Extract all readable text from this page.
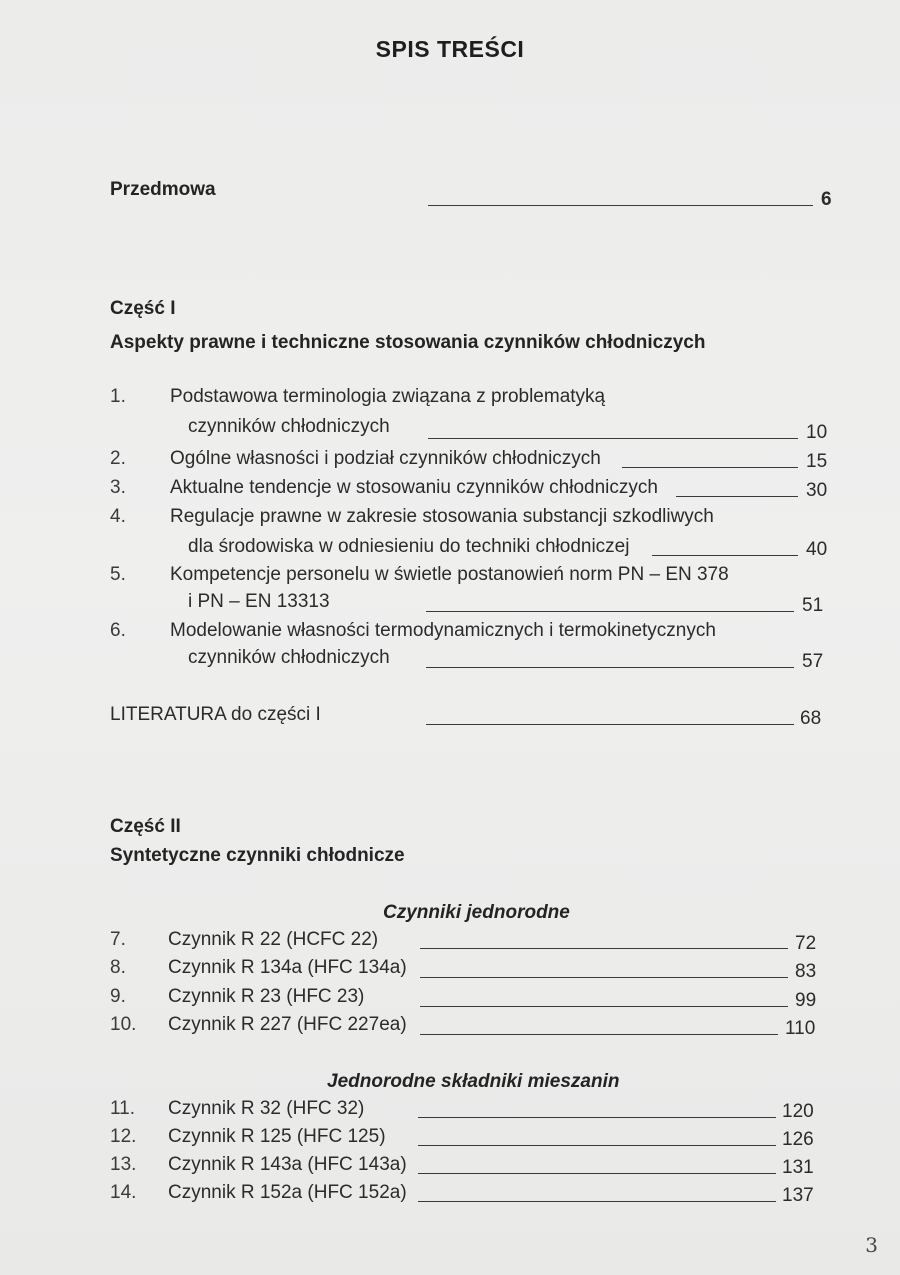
SPIS TREŚCI
Przedmowa	6
Część I
Aspekty prawne i techniczne stosowania czynników chłodniczych
1. Podstawowa terminologia związana z problematyką
czynników chłodniczych	10
2. Ogólne własności i podział czynników chłodniczych	15
3. Aktualne tendencje w stosowaniu czynników chłodniczych	30
4. Regulacje prawne w zakresie stosowania substancji szkodliwych
dla środowiska w odniesieniu do techniki chłodniczej	40
5. Kompetencje personelu w świetle postanowień norm PN – EN 378
i PN – EN 13313	51
6. Modelowanie własności termodynamicznych i termokinetycznych
czynników chłodniczych	57
LITERATURA do części I	68
Część II
Syntetyczne czynniki chłodnicze
Czynniki jednorodne
7. Czynnik R 22 (HCFC 22)	72
8. Czynnik R 134a (HFC 134a)	83
9. Czynnik R 23 (HFC 23)	99
10. Czynnik R 227 (HFC 227ea)	110
Jednorodne składniki mieszanin
11. Czynnik R 32 (HFC 32)	120
12. Czynnik R 125 (HFC 125)	126
13. Czynnik R 143a (HFC 143a)	131
14. Czynnik R 152a (HFC 152a)	137
3
